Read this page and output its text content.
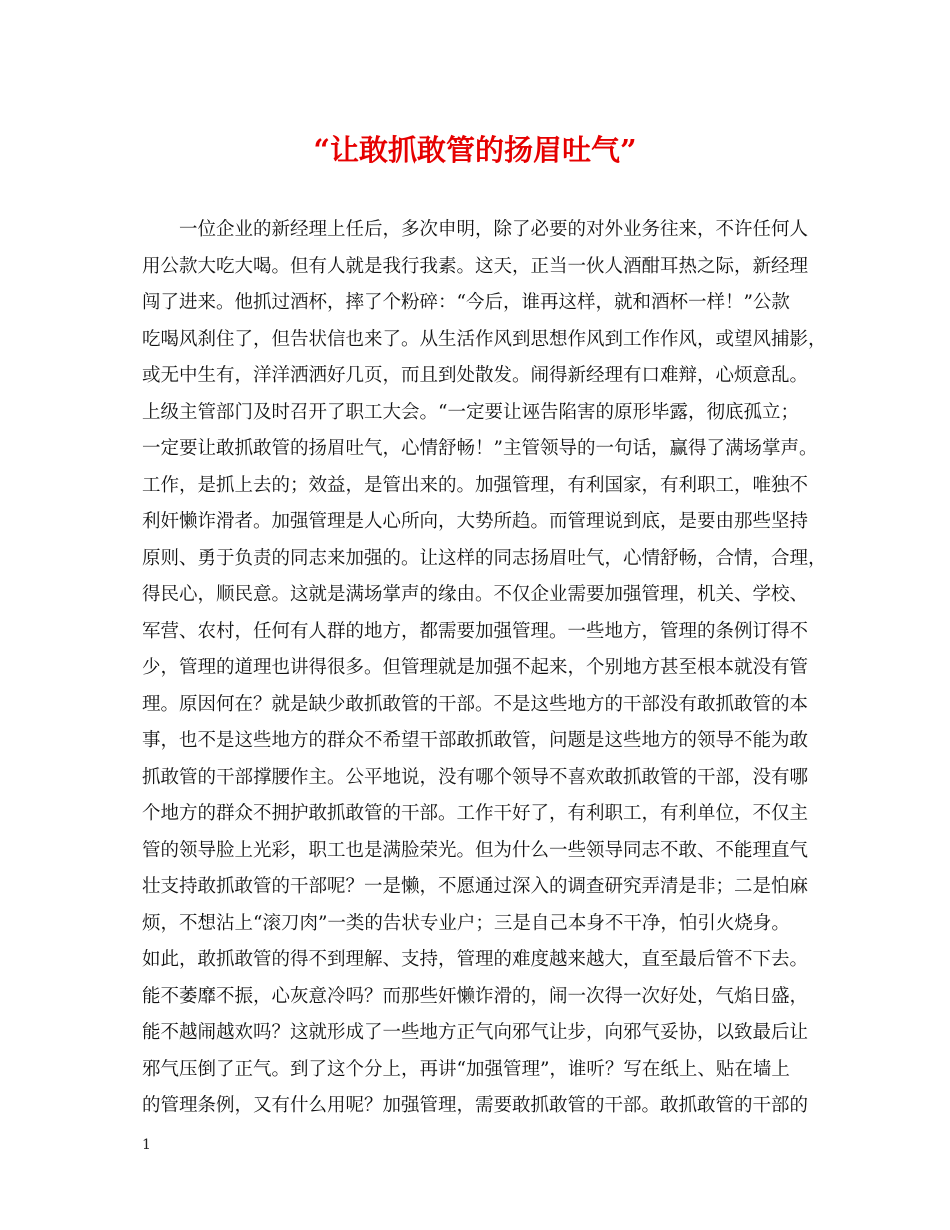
“让敢抓敢管的扬眉吐气”
一位企业的新经理上任后，多次申明，除了必要的对外业务往来，不许任何人
用公款大吃大喝。但有人就是我行我素。这天，正当一伙人酒酣耳热之际，新经理
闯了进来。他抓过酒杯，摔了个粉碎：“今后，谁再这样，就和酒杯一样！”公款
吃喝风刹住了，但告状信也来了。从生活作风到思想作风到工作作风，或望风捕影，
或无中生有，洋洋洒洒好几页，而且到处散发。闹得新经理有口难辩，心烦意乱。
上级主管部门及时召开了职工大会。“一定要让诬告陷害的原形毕露，彻底孤立；
一定要让敢抓敢管的扬眉吐气，心情舒畅！”主管领导的一句话，赢得了满场掌声。
工作，是抓上去的；效益，是管出来的。加强管理，有利国家，有利职工，唯独不
利奸懒诈滑者。加强管理是人心所向，大势所趋。而管理说到底，是要由那些坚持
原则、勇于负责的同志来加强的。让这样的同志扬眉吐气，心情舒畅，合情，合理，
得民心，顺民意。这就是满场掌声的缘由。不仅企业需要加强管理，机关、学校、
军营、农村，任何有人群的地方，都需要加强管理。一些地方，管理的条例订得不
少，管理的道理也讲得很多。但管理就是加强不起来，个别地方甚至根本就没有管
理。原因何在？就是缺少敢抓敢管的干部。不是这些地方的干部没有敢抓敢管的本
事，也不是这些地方的群众不希望干部敢抓敢管，问题是这些地方的领导不能为敢
抓敢管的干部撑腰作主。公平地说，没有哪个领导不喜欢敢抓敢管的干部，没有哪
个地方的群众不拥护敢抓敢管的干部。工作干好了，有利职工，有利单位，不仅主
管的领导脸上光彩，职工也是满脸荣光。但为什么一些领导同志不敢、不能理直气
壮支持敢抓敢管的干部呢？一是懒，不愿通过深入的调查研究弄清是非；二是怕麻
烦，不想沾上“滚刀肉”一类的告状专业户；三是自己本身不干净，怕引火烧身。
如此，敢抓敢管的得不到理解、支持，管理的难度越来越大，直至最后管不下去。
能不萎靡不振，心灰意冷吗？而那些奸懒诈滑的，闹一次得一次好处，气焰日盛，
能不越闹越欢吗？这就形成了一些地方正气向邪气让步，向邪气妥协，以致最后让
邪气压倒了正气。到了这个分上，再讲“加强管理”，谁听？写在纸上、贴在墙上
的管理条例，又有什么用呢？加强管理，需要敢抓敢管的干部。敢抓敢管的干部的
1
